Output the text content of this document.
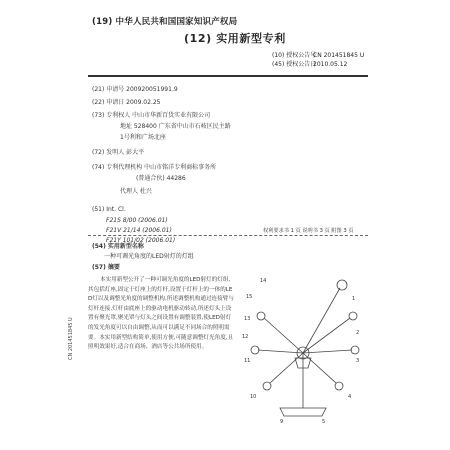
(19) 中华人民共和国国家知识产权局
(12) 实用新型专利
(10) 授权公告号
CN 201451845 U
(45) 授权公告日
2010.05.12
(21) 申请号 200920051991.9
(22) 申请日 2009.02.25
(73) 专利权人 中山市华新百货实业有限公司
地址 528400 广东省中山市石岐区民主路
1号利和广场北座
(72) 发明人 彭大平
(74) 专利代理机构 中山市铭洋专利商标事务所
(普通合伙) 44286
代理人 杜兴
(51) Int. Cl.
F21S 8/00 (2006.01)
F21V 21/14 (2006.01)
F21Y 101/02 (2006.01)
权利要求书 1 页 说明书 3 页 附图 3 页
(54) 实用新型名称
一种可调光角度的LED射灯的灯组
(57) 摘要
本实用新型公开了一种可调光角度的LED射灯的灯组,其包括灯座,固定于灯座上的灯杆,设置于灯杆上的一体的LED灯以及调整光角度的调整机构,所述调整机构通过连接臂与灯杆连接,灯杆由底座上的驱动电机驱动转动,所述灯头上设置有聚光罩,聚光罩与灯头之间设置有调整装置,使LED射灯的发光角度可以自由调整,从而可以满足不同场合的照明需要。本实用新型结构简单,使用方便,可随意调整灯光角度,且照明效果好,适合在商场、酒店等公共场所使用。
CN 201451845 U
14
15
13
1
12
2
11	3
10	4
9	5
